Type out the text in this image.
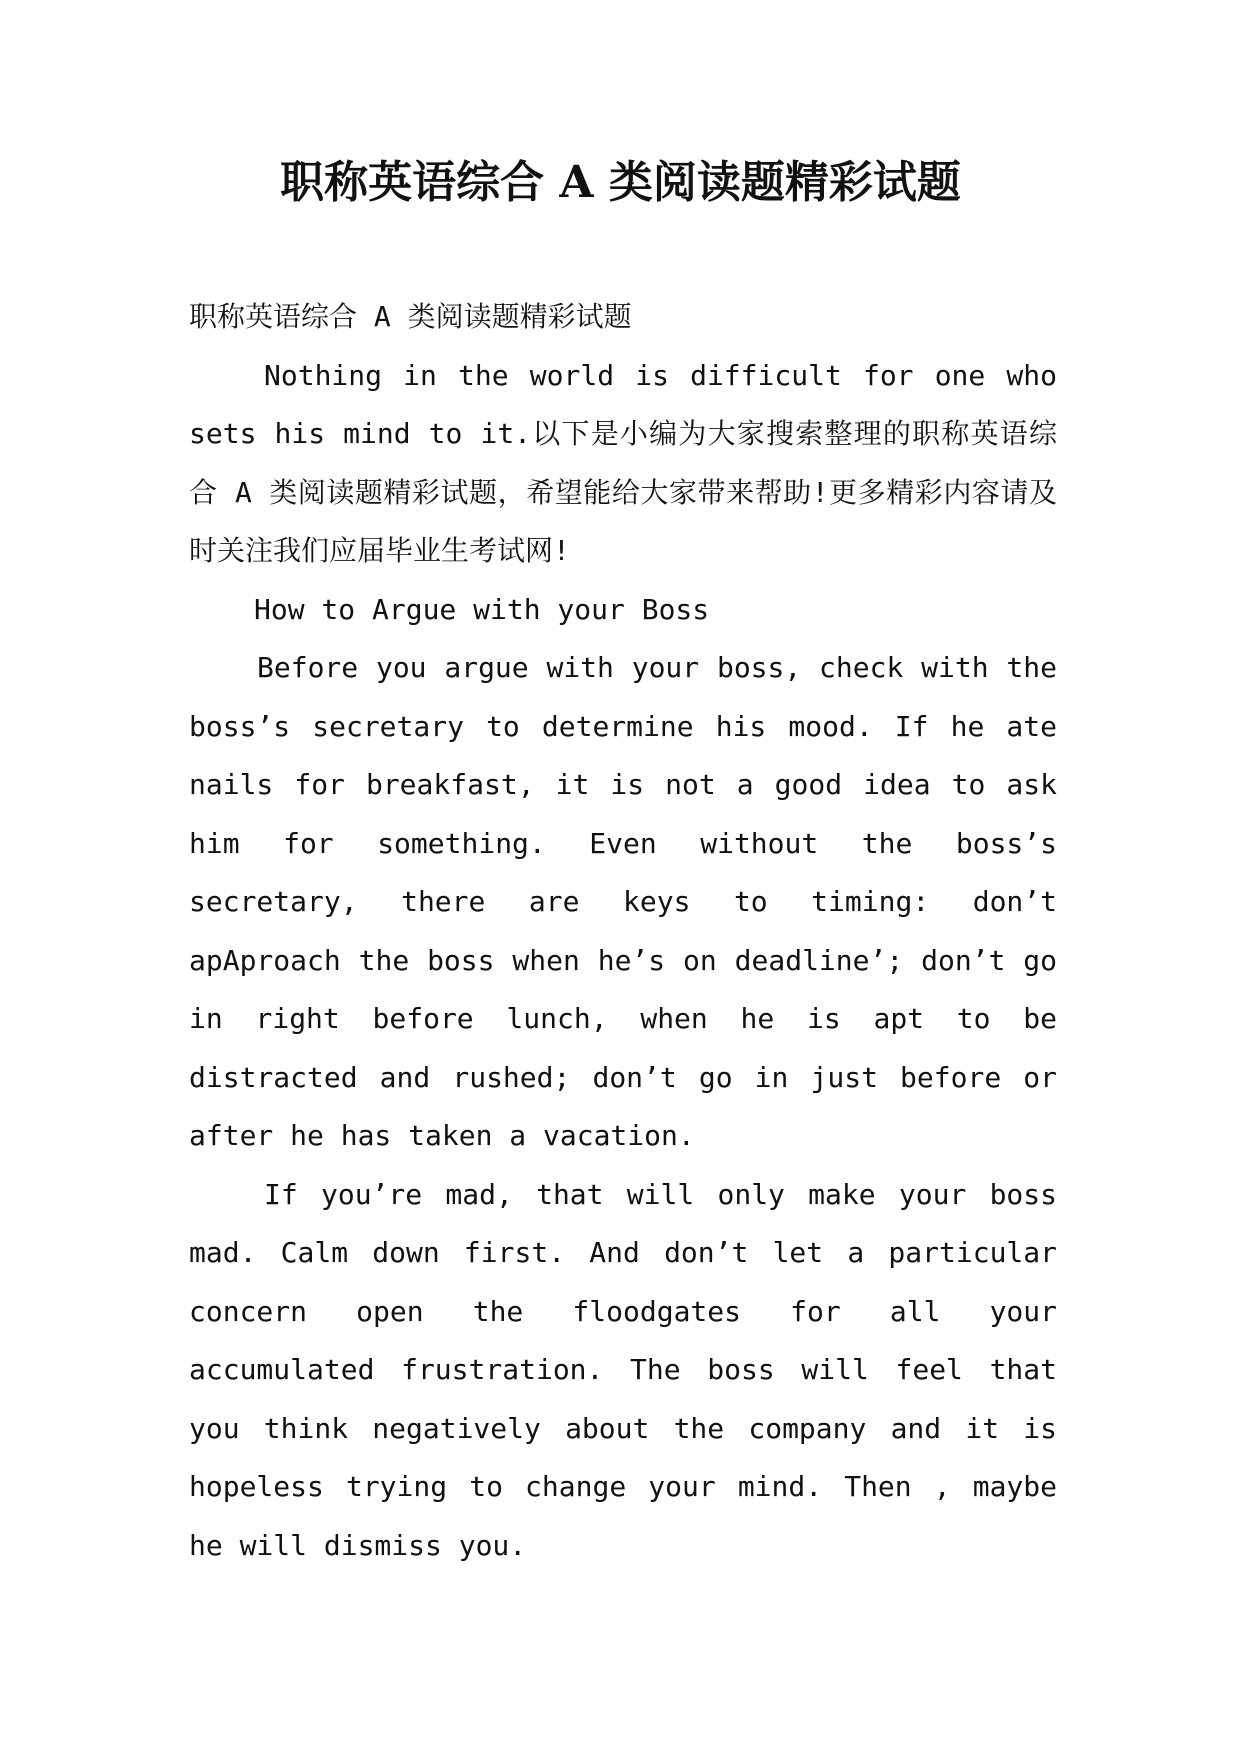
职称英语综合 A 类阅读题精彩试题

职称英语综合 A 类阅读题精彩试题

Nothing in the world is difficult for one who sets his mind to it.以下是小编为大家搜索整理的职称英语综合 A 类阅读题精彩试题，希望能给大家带来帮助!更多精彩内容请及时关注我们应届毕业生考试网!

How to Argue with your Boss

Before you argue with your boss, check with the boss’s secretary to determine his mood. If he ate nails for breakfast, it is not a good idea to ask him for something. Even without the boss’s secretary, there are keys to timing: don’t apAproach the boss when he’s on deadline’; don’t go in right before lunch, when he is apt to be distracted and rushed; don’t go in just before or after he has taken a vacation.

If you’re mad, that will only make your boss mad. Calm down first. And don’t let a particular concern open the floodgates for all your accumulated frustration. The boss will feel that you think negatively about the company and it is hopeless trying to change your mind. Then , maybe he will dismiss you.
